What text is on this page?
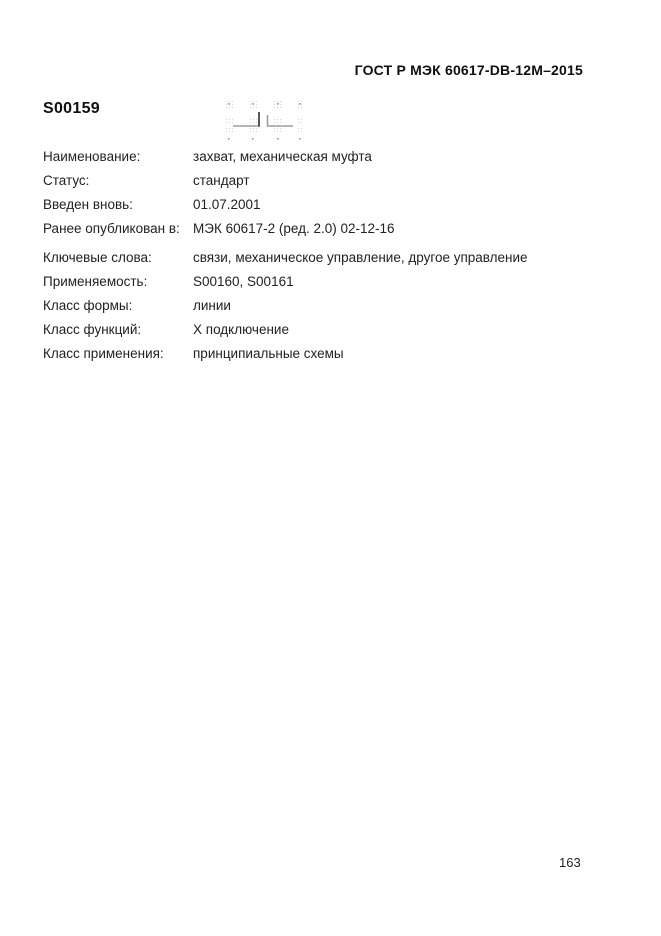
ГОСТ Р МЭК 60617-DB-12M–2015
S00159
Наименование:	захват, механическая муфта
Статус:	стандарт
Введен вновь:	01.07.2001
Ранее опубликован в: МЭК 60617-2 (ред. 2.0) 02-12-16
Ключевые слова:	связи, механическое управление, другое управление
Применяемость:	S00160, S00161
Класс формы:	линии
Класс функций:	X подключение
Класс применения:	принципиальные схемы
163
